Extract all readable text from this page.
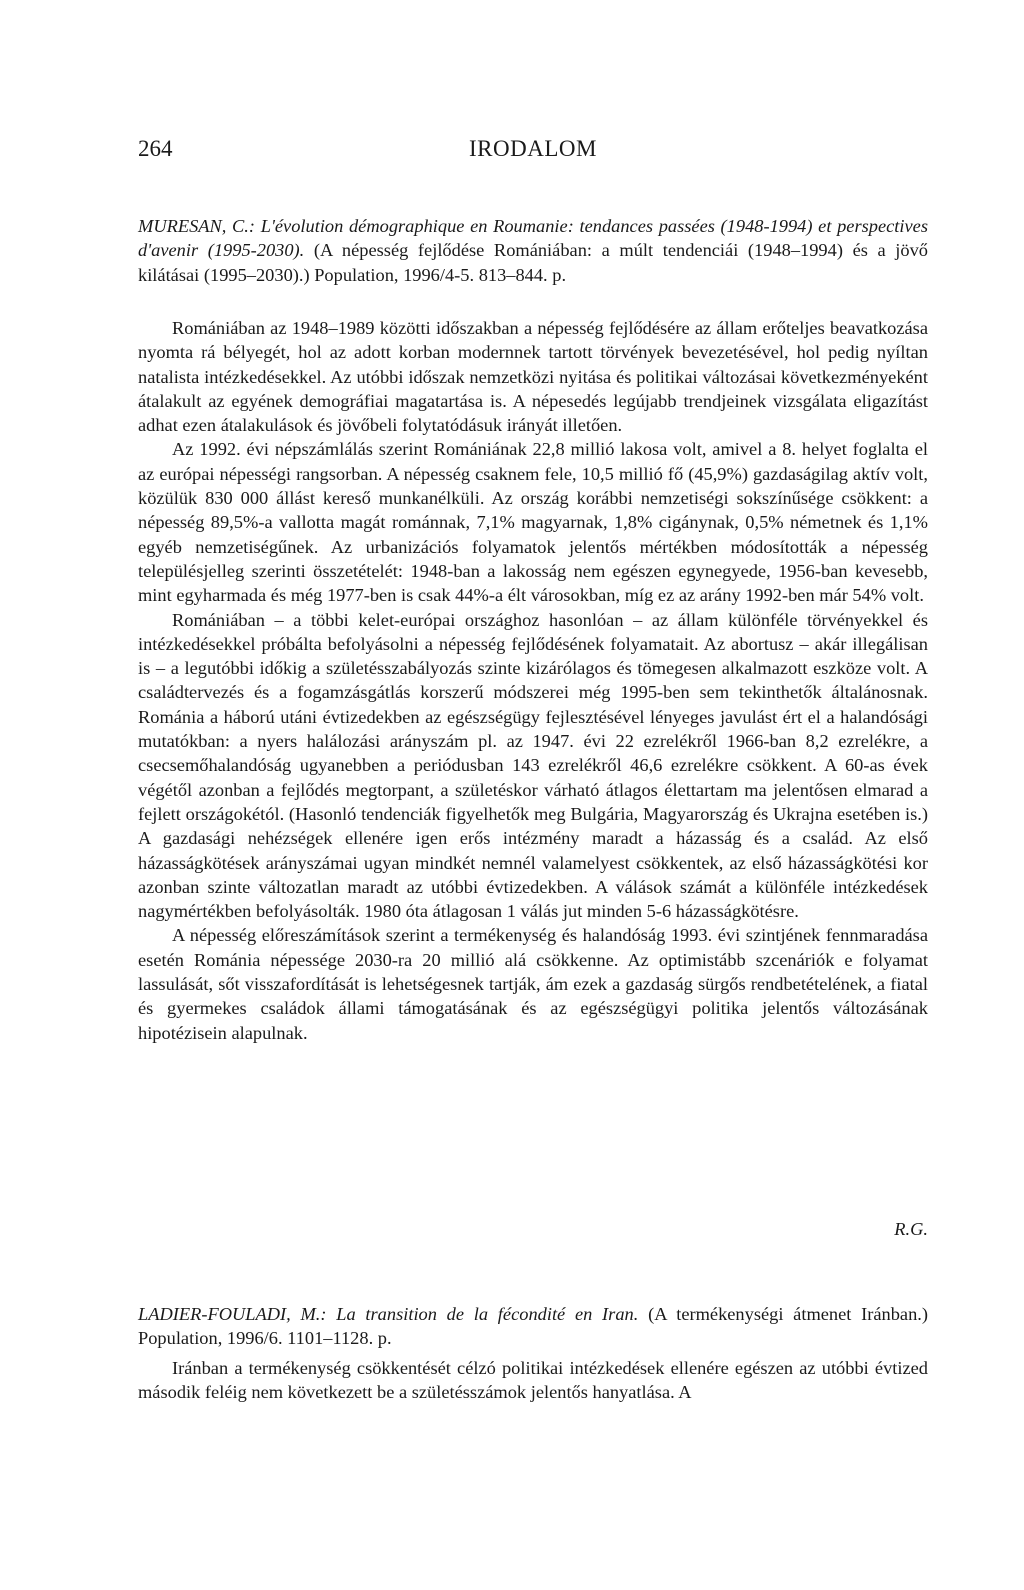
264	IRODALOM

MURESAN, C.: L'évolution démographique en Roumanie: tendances passées (1948-1994) et perspectives d'avenir (1995-2030). (A népesség fejlődése Romániában: a múlt tendenciái (1948–1994) és a jövő kilátásai (1995–2030).) Population, 1996/4-5. 813–844. p.

Romániában az 1948–1989 közötti időszakban a népesség fejlődésére az állam erőteljes beavatkozása nyomta rá bélyegét, hol az adott korban modernnek tartott törvények bevezetésével, hol pedig nyíltan natalista intézkedésekkel. Az utóbbi időszak nemzetközi nyitása és politikai változásai következményeként átalakult az egyének demográfiai magatartása is. A népesedés legújabb trendjeinek vizsgálata eligazítást adhat ezen átalakulások és jövőbeli folytatódásuk irányát illetően.

Az 1992. évi népszámlálás szerint Romániának 22,8 millió lakosa volt, amivel a 8. helyet foglalta el az európai népességi rangsorban. A népesség csaknem fele, 10,5 millió fő (45,9%) gazdaságilag aktív volt, közülük 830 000 állást kereső munkanélküli. Az ország korábbi nemzetiségi sokszínűsége csökkent: a népesség 89,5%-a vallotta magát románnak, 7,1% magyarnak, 1,8% cigánynak, 0,5% németnek és 1,1% egyéb nemzetiségűnek. Az urbanizációs folyamatok jelentős mértékben módosították a népesség településjelleg szerinti összetételét: 1948-ban a lakosság nem egészen egynegyede, 1956-ban kevesebb, mint egyharmada és még 1977-ben is csak 44%-a élt városokban, míg ez az arány 1992-ben már 54% volt.

Romániában – a többi kelet-európai országhoz hasonlóan – az állam különféle törvényekkel és intézkedésekkel próbálta befolyásolni a népesség fejlődésének folyamatait. Az abortusz – akár illegálisan is – a legutóbbi időkig a születésszabályozás szinte kizárólagos és tömegesen alkalmazott eszköze volt. A családtervezés és a fogamzásgátlás korszerű módszerei még 1995-ben sem tekinthetők általánosnak. Románia a háború utáni évtizedekben az egészségügy fejlesztésével lényeges javulást ért el a halandósági mutatókban: a nyers halálozási arányszám pl. az 1947. évi 22 ezrelékről 1966-ban 8,2 ezrelékre, a csecsemőhalandóság ugyanebben a periódusban 143 ezrelékről 46,6 ezrelékre csökkent. A 60-as évek végétől azonban a fejlődés megtorpant, a születéskor várható átlagos élettartam ma jelentősen elmarad a fejlett országokétól. (Hasonló tendenciák figyelhetők meg Bulgária, Magyarország és Ukrajna esetében is.) A gazdasági nehézségek ellenére igen erős intézmény maradt a házasság és a család. Az első házasságkötések arányszámai ugyan mindkét nemnél valamelyest csökkentek, az első házasságkötési kor azonban szinte változatlan maradt az utóbbi évtizedekben. A válások számát a különféle intézkedések nagymértékben befolyásolták. 1980 óta átlagosan 1 válás jut minden 5-6 házasságkötésre.

A népesség előreszámítások szerint a termékenység és halandóság 1993. évi szintjének fennmaradása esetén Románia népessége 2030-ra 20 millió alá csökkenne. Az optimistább szcenáriók e folyamat lassulását, sőt visszafordítását is lehetségesnek tartják, ám ezek a gazdaság sürgős rendbetételének, a fiatal és gyermekes családok állami támogatásának és az egészségügyi politika jelentős változásának hipotézisein alapulnak.

R.G.

LADIER-FOULADI, M.: La transition de la fécondité en Iran. (A termékenységi átmenet Iránban.) Population, 1996/6. 1101–1128. p.

Iránban a termékenység csökkentését célzó politikai intézkedések ellenére egészen az utóbbi évtized második feléig nem következett be a születésszámok jelentős hanyatlása. A
